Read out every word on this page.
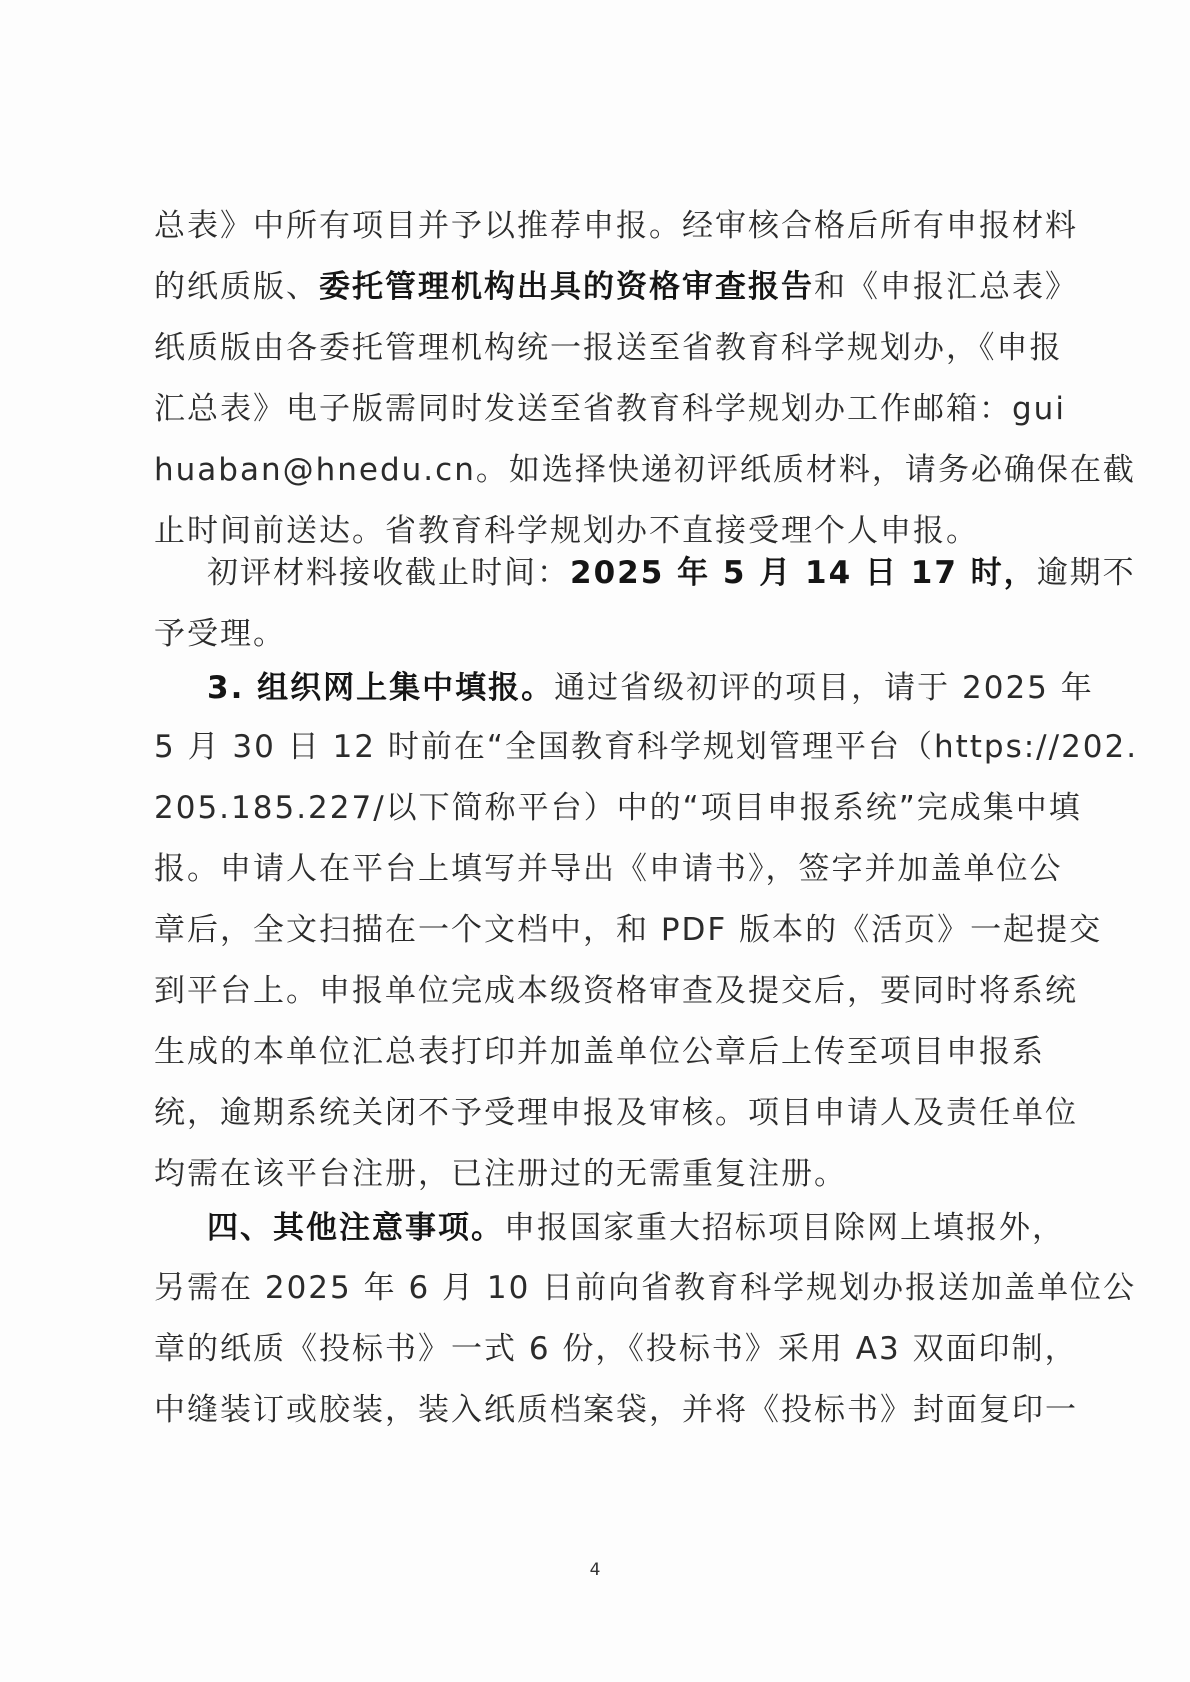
总表》中所有项目并予以推荐申报。经审核合格后所有申报材料
的纸质版、委托管理机构出具的资格审查报告和《申报汇总表》
纸质版由各委托管理机构统一报送至省教育科学规划办，《申报
汇总表》电子版需同时发送至省教育科学规划办工作邮箱：gui
huaban@hnedu.cn。如选择快递初评纸质材料，请务必确保在截
止时间前送达。省教育科学规划办不直接受理个人申报。
初评材料接收截止时间：2025 年 5 月 14 日 17 时，逾期不
予受理。
3. 组织网上集中填报。通过省级初评的项目，请于 2025 年
5 月 30 日 12 时前在“全国教育科学规划管理平台（https://202.
205.185.227/以下简称平台）中的“项目申报系统”完成集中填
报。申请人在平台上填写并导出《申请书》，签字并加盖单位公
章后，全文扫描在一个文档中，和 PDF 版本的《活页》一起提交
到平台上。申报单位完成本级资格审查及提交后，要同时将系统
生成的本单位汇总表打印并加盖单位公章后上传至项目申报系
统，逾期系统关闭不予受理申报及审核。项目申请人及责任单位
均需在该平台注册，已注册过的无需重复注册。
四、其他注意事项。申报国家重大招标项目除网上填报外，
另需在 2025 年 6 月 10 日前向省教育科学规划办报送加盖单位公
章的纸质《投标书》一式 6 份，《投标书》采用 A3 双面印制，
中缝装订或胶装，装入纸质档案袋，并将《投标书》封面复印一
4
